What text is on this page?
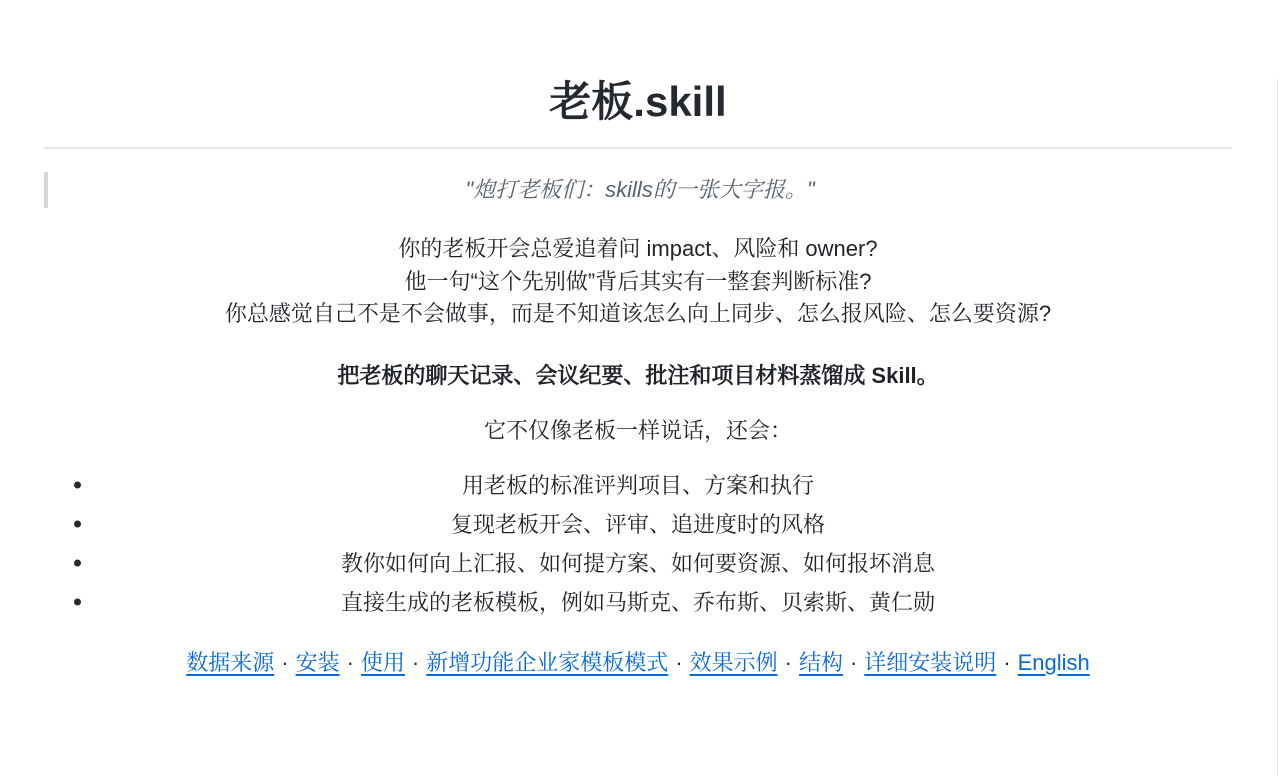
老板.skill
"炮打老板们：skills的一张大字报。"
你的老板开会总爱追着问 impact、风险和 owner?
他一句“这个先别做”背后其实有一整套判断标准?
你总感觉自己不是不会做事，而是不知道该怎么向上同步、怎么报风险、怎么要资源?
把老板的聊天记录、会议纪要、批注和项目材料蒸馏成 Skill。
它不仅像老板一样说话，还会：
用老板的标准评判项目、方案和执行
复现老板开会、评审、追进度时的风格
教你如何向上汇报、如何提方案、如何要资源、如何报坏消息
直接生成的老板模板，例如马斯克、乔布斯、贝索斯、黄仁勋
数据来源 · 安装 · 使用 · 新增功能企业家模板模式 · 效果示例 · 结构 · 详细安装说明 · English
